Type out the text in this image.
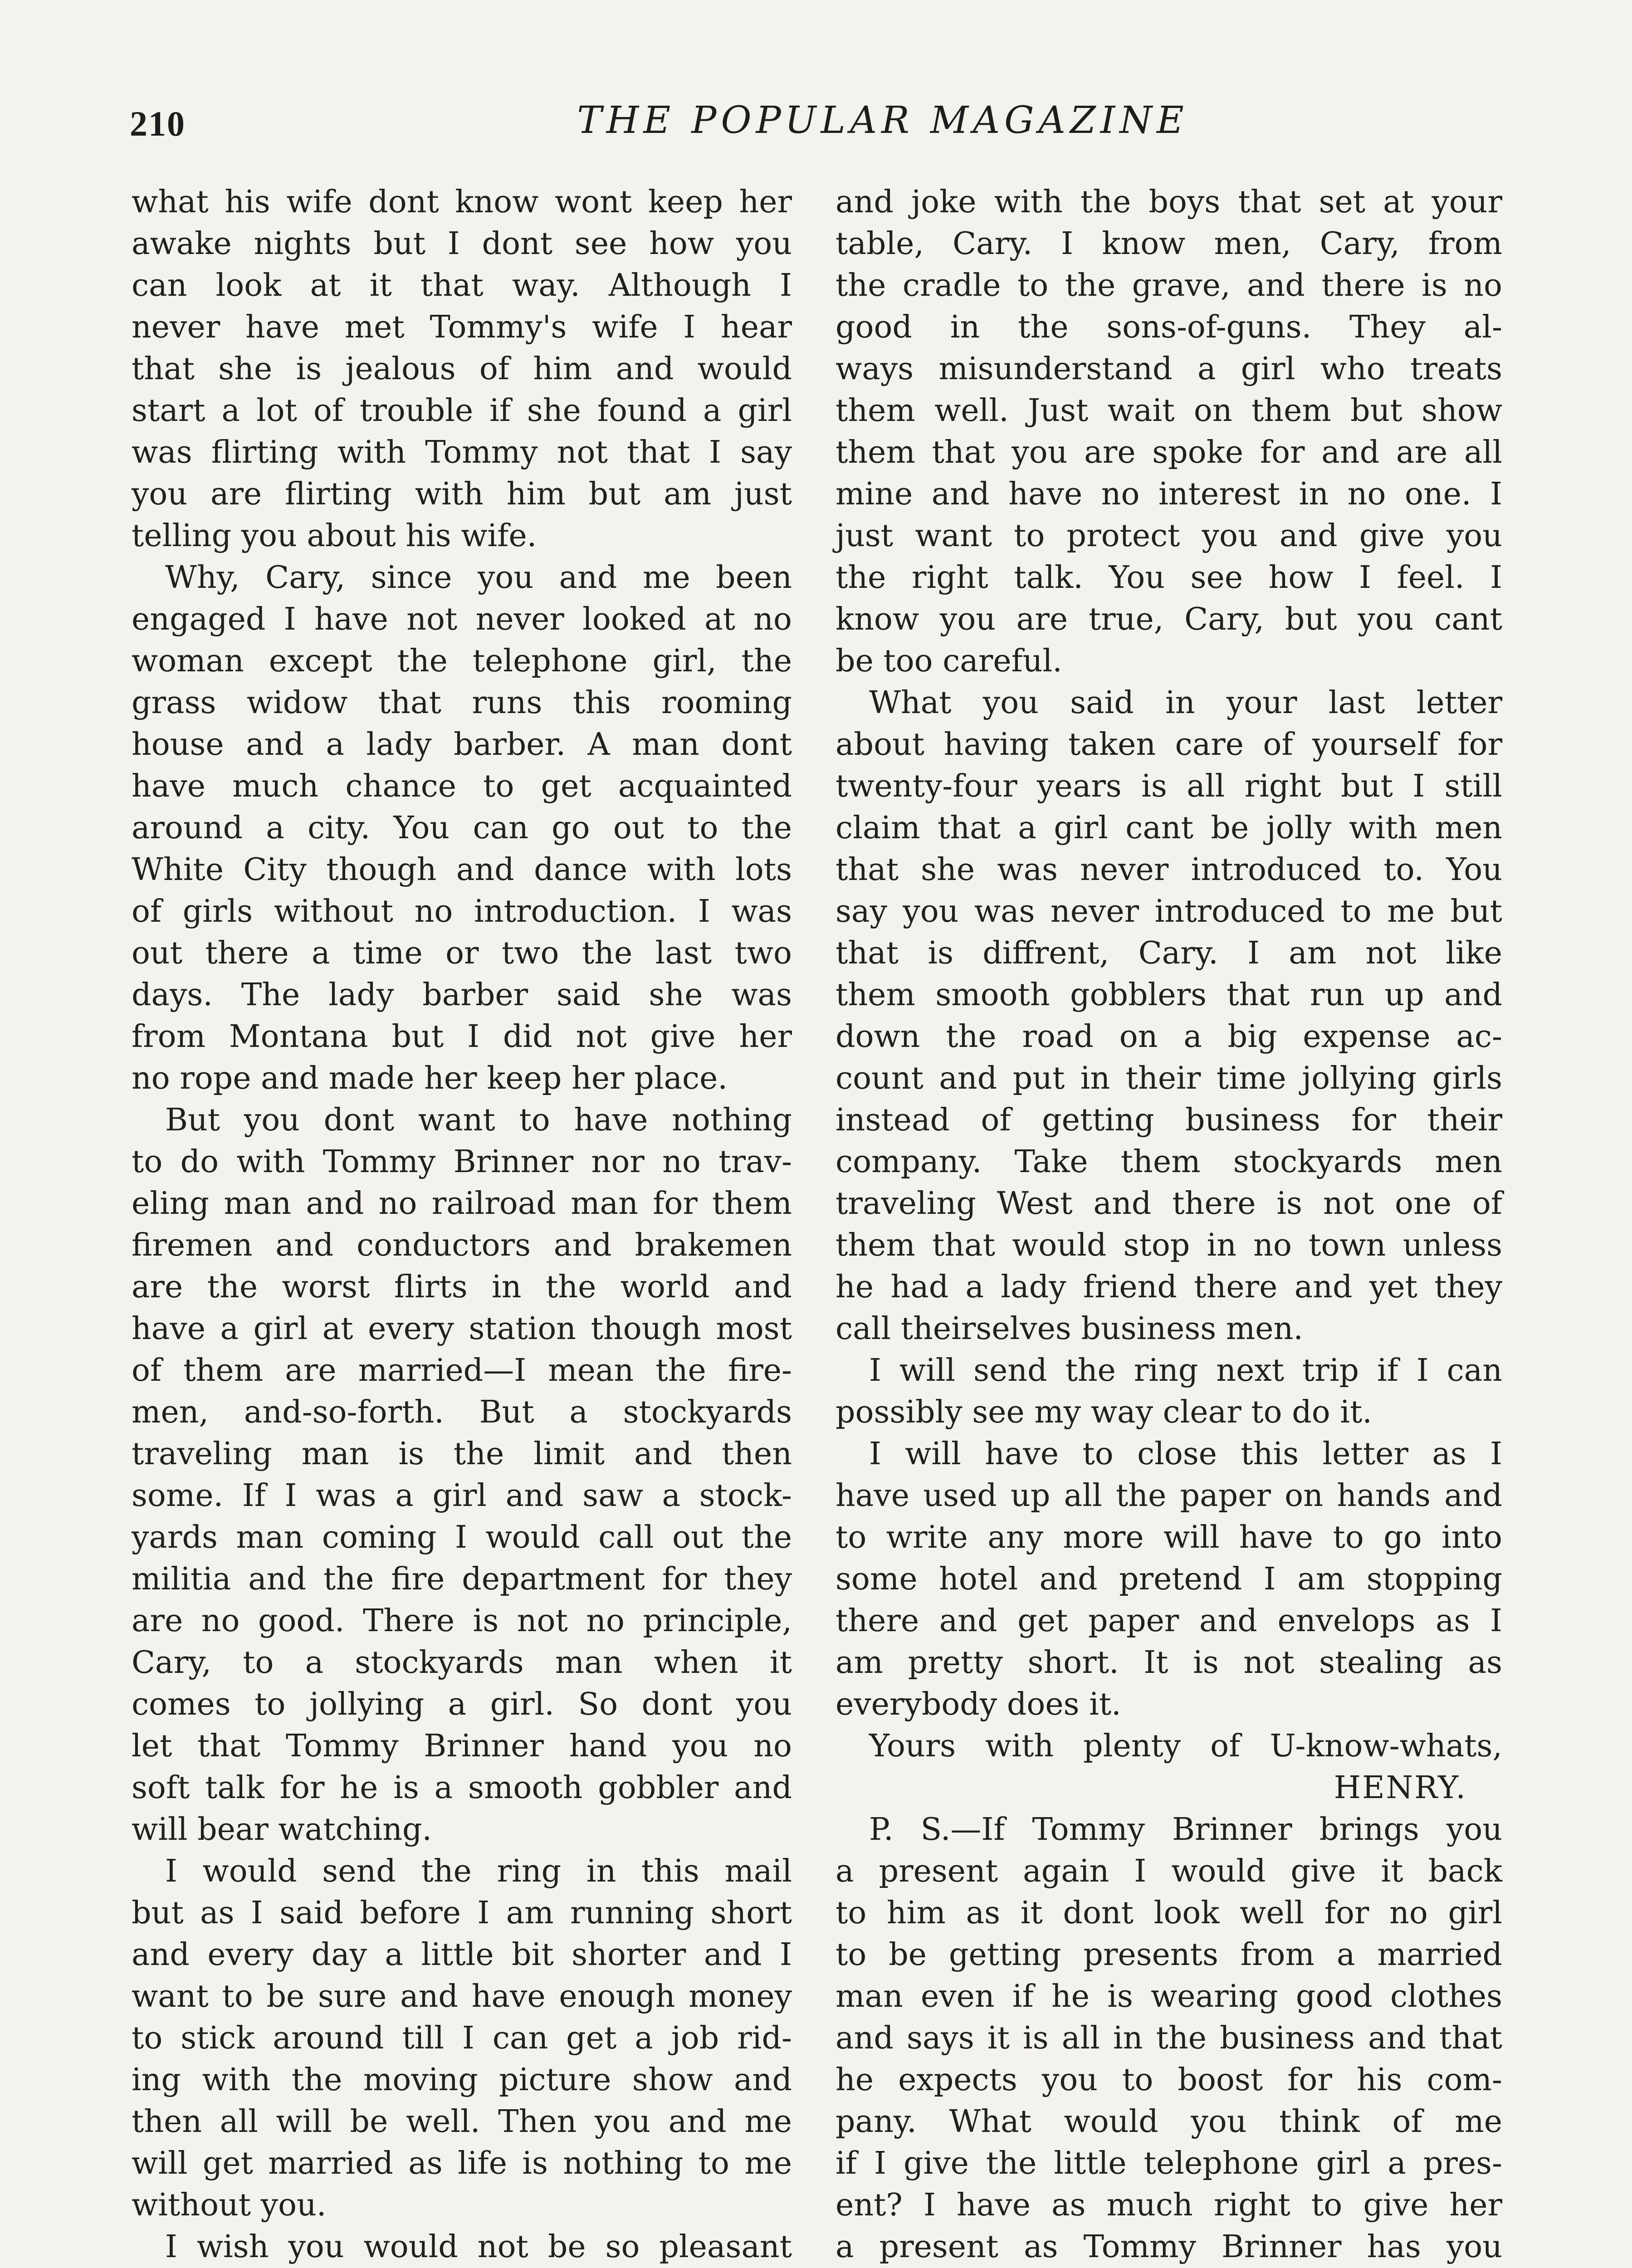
210	THE POPULAR MAGAZINE
what his wife dont know wont keep her
awake nights but I dont see how you
can look at it that way. Although I
never have met Tommy's wife I hear
that she is jealous of him and would
start a lot of trouble if she found a girl
was flirting with Tommy not that I say
you are flirting with him but am just
telling you about his wife.
Why, Cary, since you and me been
engaged I have not never looked at no
woman except the telephone girl, the
grass widow that runs this rooming
house and a lady barber. A man dont
have much chance to get acquainted
around a city. You can go out to the
White City though and dance with lots
of girls without no introduction. I was
out there a time or two the last two
days. The lady barber said she was
from Montana but I did not give her
no rope and made her keep her place.
But you dont want to have nothing
to do with Tommy Brinner nor no trav-
eling man and no railroad man for them
firemen and conductors and brakemen
are the worst flirts in the world and
have a girl at every station though most
of them are married—I mean the fire-
men, and-so-forth. But a stockyards
traveling man is the limit and then
some. If I was a girl and saw a stock-
yards man coming I would call out the
militia and the fire department for they
are no good. There is not no principle,
Cary, to a stockyards man when it
comes to jollying a girl. So dont you
let that Tommy Brinner hand you no
soft talk for he is a smooth gobbler and
will bear watching.
I would send the ring in this mail
but as I said before I am running short
and every day a little bit shorter and I
want to be sure and have enough money
to stick around till I can get a job rid-
ing with the moving picture show and
then all will be well. Then you and me
will get married as life is nothing to me
without you.
I wish you would not be so pleasant
and joke with the boys that set at your
table, Cary. I know men, Cary, from
the cradle to the grave, and there is no
good in the sons-of-guns. They al-
ways misunderstand a girl who treats
them well. Just wait on them but show
them that you are spoke for and are all
mine and have no interest in no one. I
just want to protect you and give you
the right talk. You see how I feel. I
know you are true, Cary, but you cant
be too careful.
What you said in your last letter
about having taken care of yourself for
twenty-four years is all right but I still
claim that a girl cant be jolly with men
that she was never introduced to. You
say you was never introduced to me but
that is diffrent, Cary. I am not like
them smooth gobblers that run up and
down the road on a big expense ac-
count and put in their time jollying girls
instead of getting business for their
company. Take them stockyards men
traveling West and there is not one of
them that would stop in no town unless
he had a lady friend there and yet they
call theirselves business men.
I will send the ring next trip if I can
possibly see my way clear to do it.
I will have to close this letter as I
have used up all the paper on hands and
to write any more will have to go into
some hotel and pretend I am stopping
there and get paper and envelops as I
am pretty short. It is not stealing as
everybody does it.
Yours with plenty of U-know-whats,
HENRY.
P. S.—If Tommy Brinner brings you
a present again I would give it back
to him as it dont look well for no girl
to be getting presents from a married
man even if he is wearing good clothes
and says it is all in the business and that
he expects you to boost for his com-
pany. What would you think of me
if I give the little telephone girl a pres-
ent? I have as much right to give her
a present as Tommy Brinner has you
